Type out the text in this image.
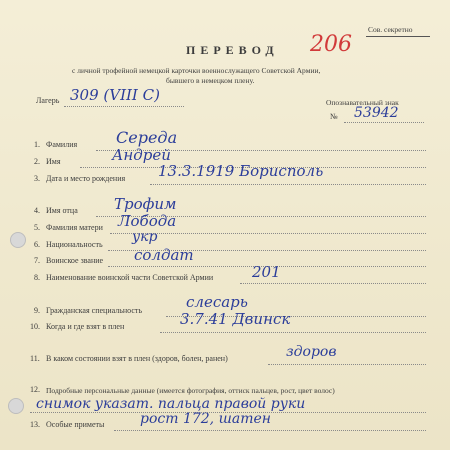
Сов. секретно
ПЕРЕВОД 206
с личной трофейной немецкой карточки военнослужащего Советской Армии,
бывшего в немецком плену.
Лагерь 309 (VIII C)	Опознавательный знак
№ 53942
1. Фамилия Середа
2. Имя	Андрей
3. Дата и место рождения 13.3.1919 Борисполь
4. Имя отца Трофим
5. Фамилия матери Лобода
6. Национальность укр
7. Воинское звание солдат
8. Наименование воинской части Советской Армии	201
9. Гражданская специальность	слесарь
10. Когда и где взят в плен	3.7.41 Двинск
11. В каком состоянии взят в плен (здоров, болен, ранен)	здоров
12. Подробные персональные данные (имеется фотография, оттиск пальцев, рост, цвет волос)
снимок указат. пальца правой руки
13. Особые приметы	рост 172, шатен
